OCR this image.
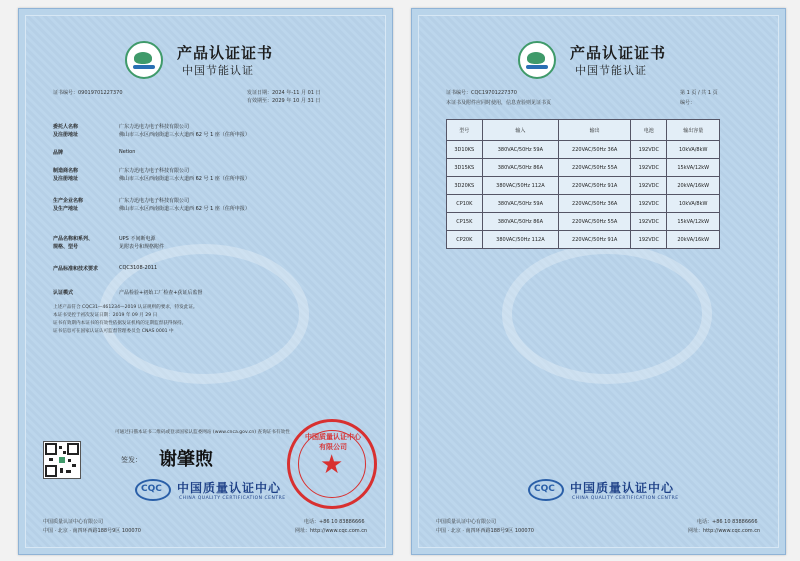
产品认证证书
中国节能认证
证书编号：09019701227370	发证日期：2024 年-11 月 01 日
有效期至：2029 年 10 月 31 日
委托人名称	广东力迅电力电子科技有限公司
及注册地址	佛山市三水区西南街道三水大道西 62 号 1 座（住所申报）
品牌	Netion
制造商名称	广东力迅电力电子科技有限公司
及注册地址	佛山市三水区西南街道三水大道西 62 号 1 座（住所申报）
生产企业名称	广东力迅电力电子科技有限公司
及生产地址	佛山市三水区西南街道三水大道西 62 号 1 座（住所申报）
产品名称和系列、	UPS 不间断电源
规格、型号	见附表号和规格附件
产品标准和技术要求	CQC3108-2011
认证模式	产品检验+初始工厂检查+获证后监督
上述产品符合 CQC31—461234—2019 认证规则的要求，特发此证。
本证书受控于初次发证日期：2019 年 09 月 29 日
证书有效期内本证书的有效性依据发证机构的定期监督获得保持。
证书信息可在国家认证认可监督管理委员会 CNAS 0001 中
可通过扫描本证书二维码或登录国家认监委网站 (www.cnca.gov.cn) 查询证书有效性
签发： 谢肇煦
中国质量认证中心有限公司
★
CQC 中国质量认证中心
CHINA QUALITY CERTIFICATION CENTRE
中国质量认证中心有限公司
中国 · 北京 · 南四环西路188号9区 100070
电话：+86 10 83886666
网址：http://www.cqc.com.cn
产品认证证书
中国节能认证
证书编号：CQC19701227370	第 1 页 / 共 1 页
本证书及附件应同时使用，信息查验则见证书页	编号：
型号	输入	输出	电池	输出容量
3D10KS	380VAC/50Hz 59A	220VAC/50Hz 36A	192VDC	10kVA/8kW
3D15KS	380VAC/50Hz 86A	220VAC/50Hz 55A	192VDC	15kVA/12kW
3D20KS	380VAC/50Hz 112A	220VAC/50Hz 91A	192VDC	20kVA/16kW
CP10K	380VAC/50Hz 59A	220VAC/50Hz 36A	192VDC	10kVA/8kW
CP15K	380VAC/50Hz 86A	220VAC/50Hz 55A	192VDC	15kVA/12kW
CP20K	380VAC/50Hz 112A	220VAC/50Hz 91A	192VDC	20kVA/16kW
CQC 中国质量认证中心
CHINA QUALITY CERTIFICATION CENTRE
中国质量认证中心有限公司
中国 · 北京 · 南四环西路188号9区 100070
电话：+86 10 83886666
网址：http://www.cqc.com.cn
